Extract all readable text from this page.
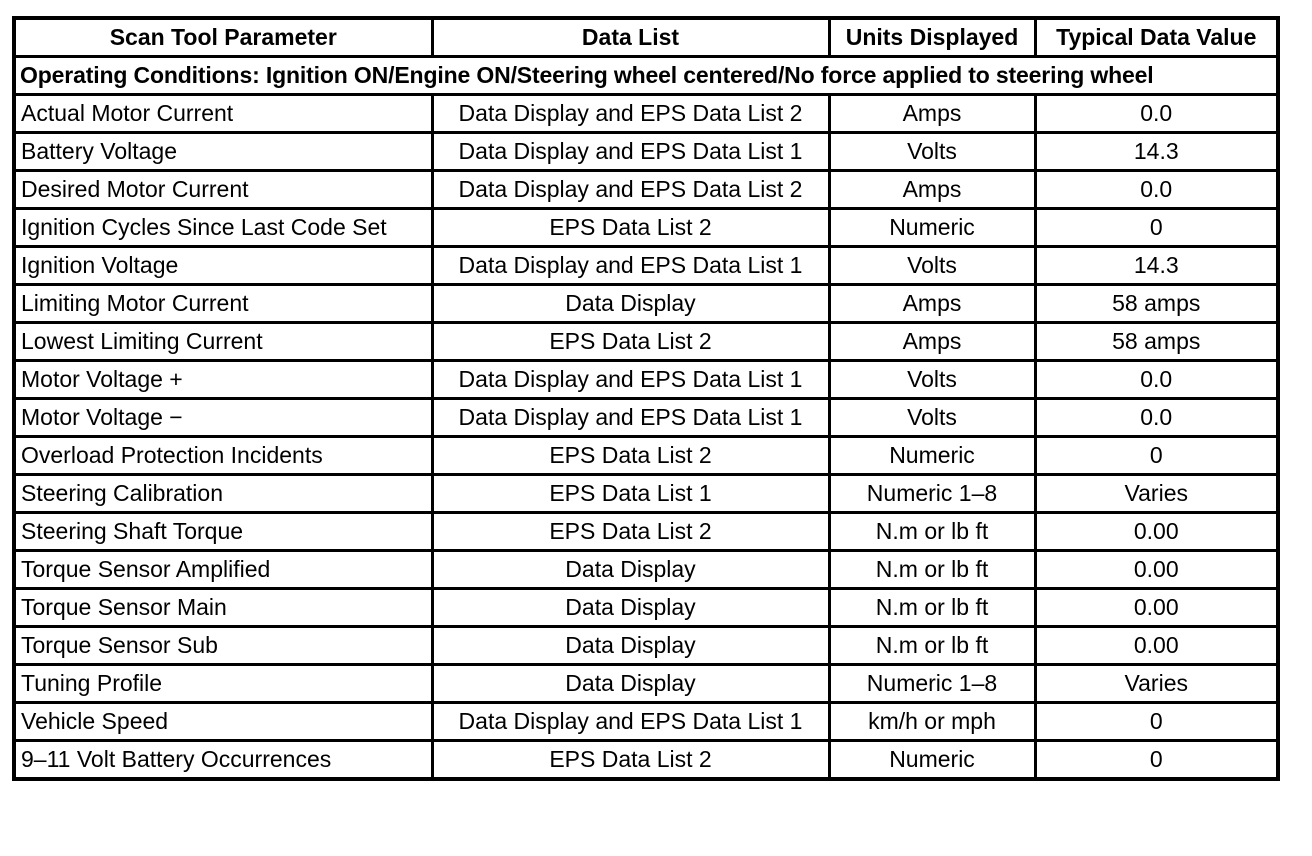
Scan Tool Parameter	Data List	Units Displayed	Typical Data Value
Operating Conditions: Ignition ON/Engine ON/Steering wheel centered/No force applied to steering wheel			
Actual Motor Current	Data Display and EPS Data List 2	Amps	0.0
Battery Voltage	Data Display and EPS Data List 1	Volts	14.3
Desired Motor Current	Data Display and EPS Data List 2	Amps	0.0
Ignition Cycles Since Last Code Set	EPS Data List 2	Numeric	0
Ignition Voltage	Data Display and EPS Data List 1	Volts	14.3
Limiting Motor Current	Data Display	Amps	58 amps
Lowest Limiting Current	EPS Data List 2	Amps	58 amps
Motor Voltage +	Data Display and EPS Data List 1	Volts	0.0
Motor Voltage −	Data Display and EPS Data List 1	Volts	0.0
Overload Protection Incidents	EPS Data List 2	Numeric	0
Steering Calibration	EPS Data List 1	Numeric 1–8	Varies
Steering Shaft Torque	EPS Data List 2	N.m or lb ft	0.00
Torque Sensor Amplified	Data Display	N.m or lb ft	0.00
Torque Sensor Main	Data Display	N.m or lb ft	0.00
Torque Sensor Sub	Data Display	N.m or lb ft	0.00
Tuning Profile	Data Display	Numeric 1–8	Varies
Vehicle Speed	Data Display and EPS Data List 1	km/h or mph	0
9–11 Volt Battery Occurrences	EPS Data List 2	Numeric	0
